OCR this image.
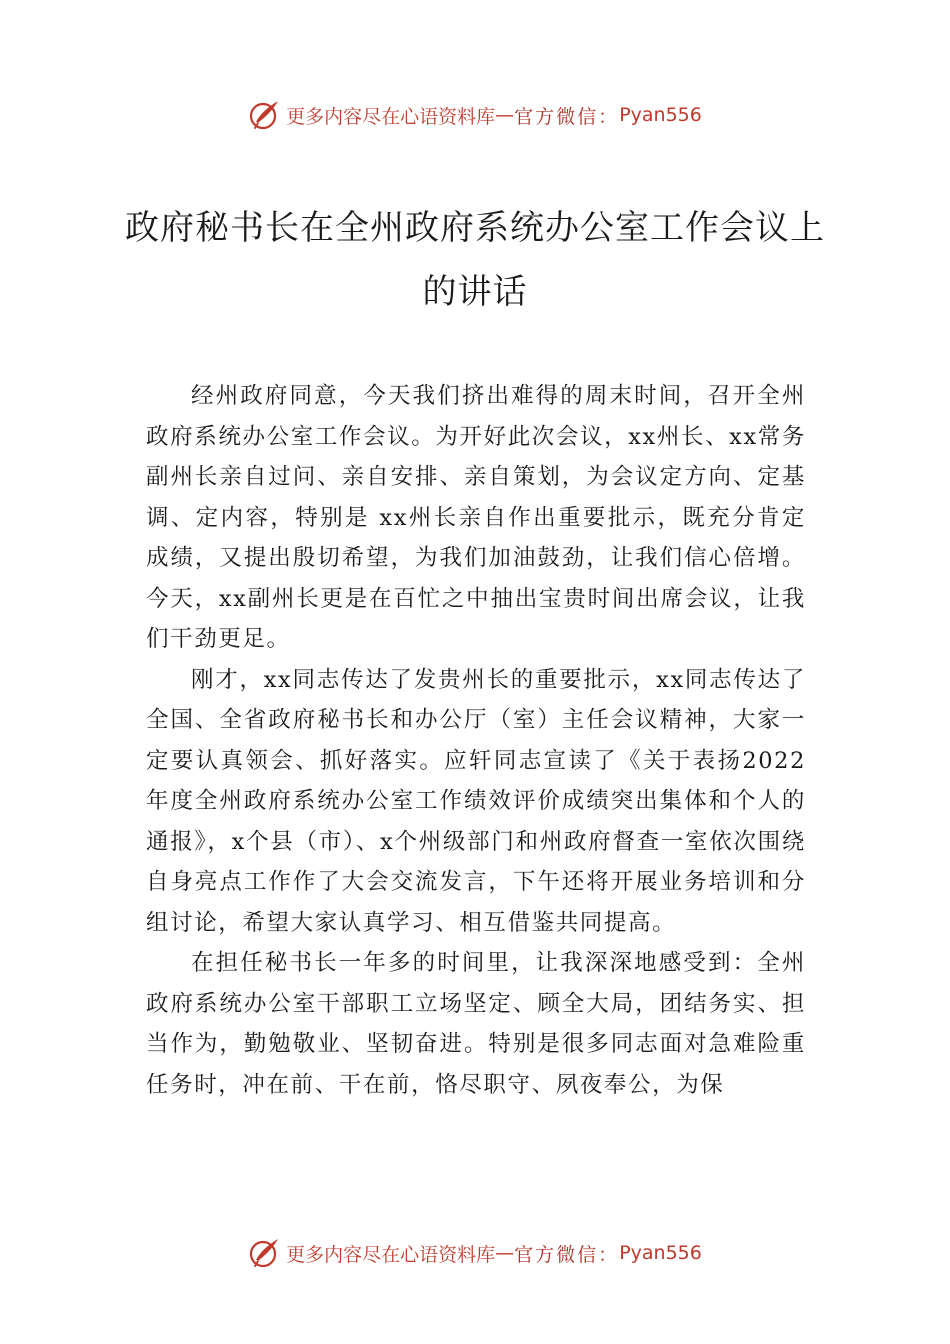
更多内容尽在心语资料库 — 官方微信： Pyan556
政府秘书长在全州政府系统办公室工作会议上的讲话

经州政府同意，今天我们挤出难得的周末时间，召开全州政府系统办公室工作会议。为开好此次会议，xx州长、xx常务副州长亲自过问、亲自安排、亲自策划，为会议定方向、定基调、定内容，特别是 xx州长亲自作出重要批示，既充分肯定成绩，又提出殷切希望，为我们加油鼓劲，让我们信心倍增。今天，xx副州长更是在百忙之中抽出宝贵时间出席会议，让我们干劲更足。

刚才，xx同志传达了发贵州长的重要批示，xx同志传达了全国、全省政府秘书长和办公厅（室）主任会议精神，大家一定要认真领会、抓好落实。应轩同志宣读了《关于表扬2022 年度全州政府系统办公室工作绩效评价成绩突出集体和个人的通报》，x个县（市）、x个州级部门和州政府督查一室依次围绕自身亮点工作作了大会交流发言，下午还将开展业务培训和分组讨论，希望大家认真学习、相互借鉴共同提高。

在担任秘书长一年多的时间里，让我深深地感受到：全州政府系统办公室干部职工立场坚定、顾全大局，团结务实、担当作为，勤勉敬业、坚韧奋进。特别是很多同志面对急难险重任务时，冲在前、干在前，恪尽职守、夙夜奉公，为保

更多内容尽在心语资料库 — 官方微信： Pyan556
